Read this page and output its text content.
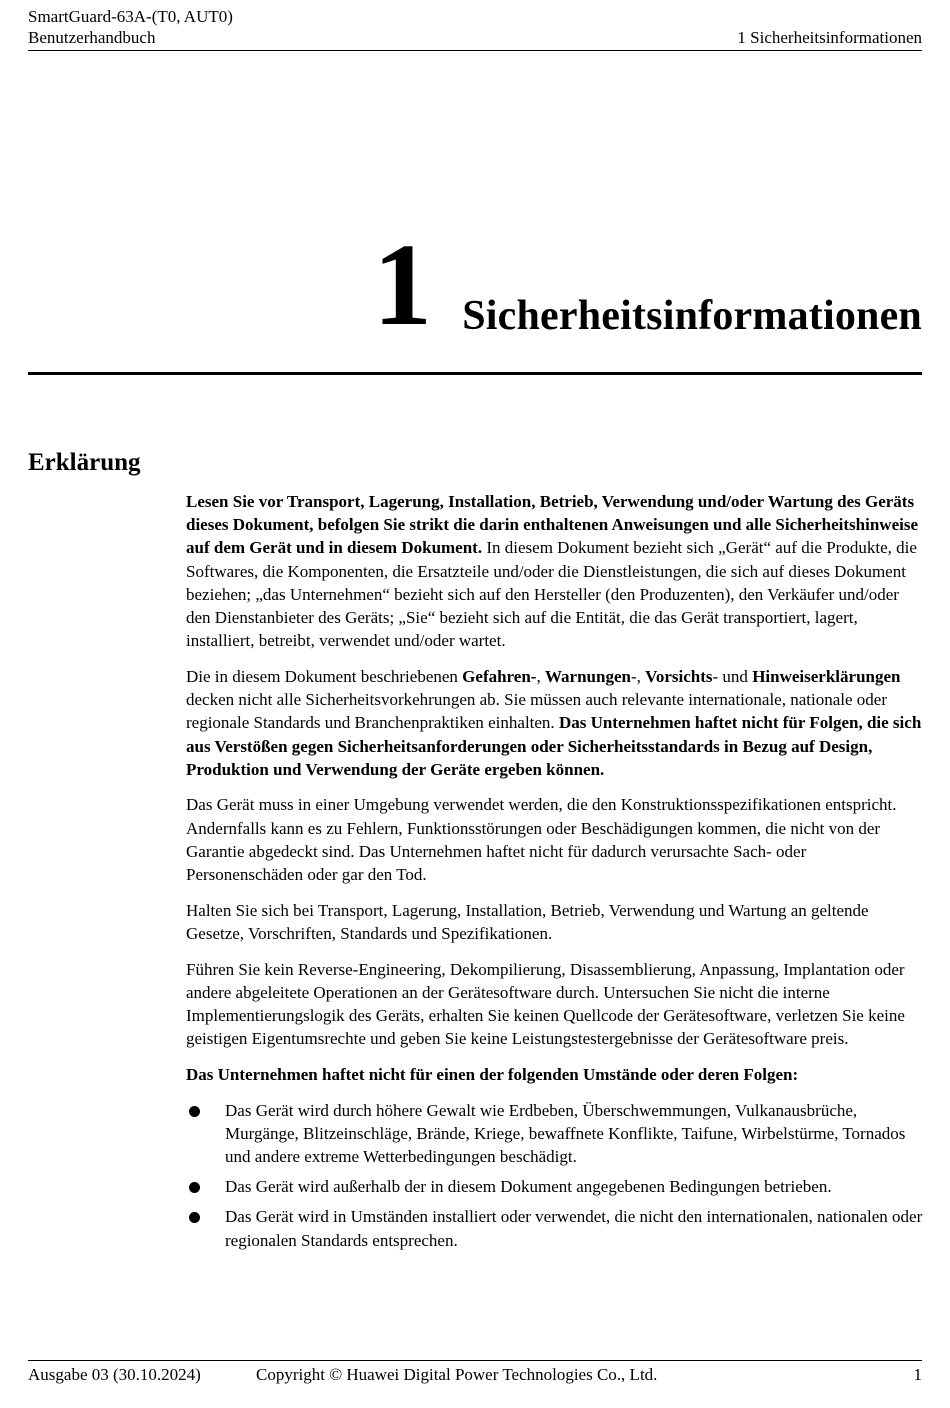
SmartGuard-63A-(T0, AUT0)
Benutzerhandbuch	1 Sicherheitsinformationen
1 Sicherheitsinformationen
Erklärung

Lesen Sie vor Transport, Lagerung, Installation, Betrieb, Verwendung und/oder Wartung des Geräts dieses Dokument, befolgen Sie strikt die darin enthaltenen Anweisungen und alle Sicherheitshinweise auf dem Gerät und in diesem Dokument. In diesem Dokument bezieht sich „Gerät“ auf die Produkte, die Softwares, die Komponenten, die Ersatzteile und/oder die Dienstleistungen, die sich auf dieses Dokument beziehen; „das Unternehmen“ bezieht sich auf den Hersteller (den Produzenten), den Verkäufer und/oder den Dienstanbieter des Geräts; „Sie“ bezieht sich auf die Entität, die das Gerät transportiert, lagert, installiert, betreibt, verwendet und/oder wartet.

Die in diesem Dokument beschriebenen Gefahren-, Warnungen-, Vorsichts- und Hinweiserklärungen decken nicht alle Sicherheitsvorkehrungen ab. Sie müssen auch relevante internationale, nationale oder regionale Standards und Branchenpraktiken einhalten. Das Unternehmen haftet nicht für Folgen, die sich aus Verstößen gegen Sicherheitsanforderungen oder Sicherheitsstandards in Bezug auf Design, Produktion und Verwendung der Geräte ergeben können.

Das Gerät muss in einer Umgebung verwendet werden, die den Konstruktionsspezifikationen entspricht. Andernfalls kann es zu Fehlern, Funktionsstörungen oder Beschädigungen kommen, die nicht von der Garantie abgedeckt sind. Das Unternehmen haftet nicht für dadurch verursachte Sach- oder Personenschäden oder gar den Tod.

Halten Sie sich bei Transport, Lagerung, Installation, Betrieb, Verwendung und Wartung an geltende Gesetze, Vorschriften, Standards und Spezifikationen.

Führen Sie kein Reverse-Engineering, Dekompilierung, Disassemblierung, Anpassung, Implantation oder andere abgeleitete Operationen an der Gerätesoftware durch. Untersuchen Sie nicht die interne Implementierungslogik des Geräts, erhalten Sie keinen Quellcode der Gerätesoftware, verletzen Sie keine geistigen Eigentumsrechte und geben Sie keine Leistungstestergebnisse der Gerätesoftware preis.

Das Unternehmen haftet nicht für einen der folgenden Umstände oder deren Folgen:

Das Gerät wird durch höhere Gewalt wie Erdbeben, Überschwemmungen, Vulkanausbrüche, Murgänge, Blitzeinschläge, Brände, Kriege, bewaffnete Konflikte, Taifune, Wirbelstürme, Tornados und andere extreme Wetterbedingungen beschädigt.
Das Gerät wird außerhalb der in diesem Dokument angegebenen Bedingungen betrieben.
Das Gerät wird in Umständen installiert oder verwendet, die nicht den internationalen, nationalen oder regionalen Standards entsprechen.
Ausgabe 03 (30.10.2024)	Copyright © Huawei Digital Power Technologies Co., Ltd.	1
